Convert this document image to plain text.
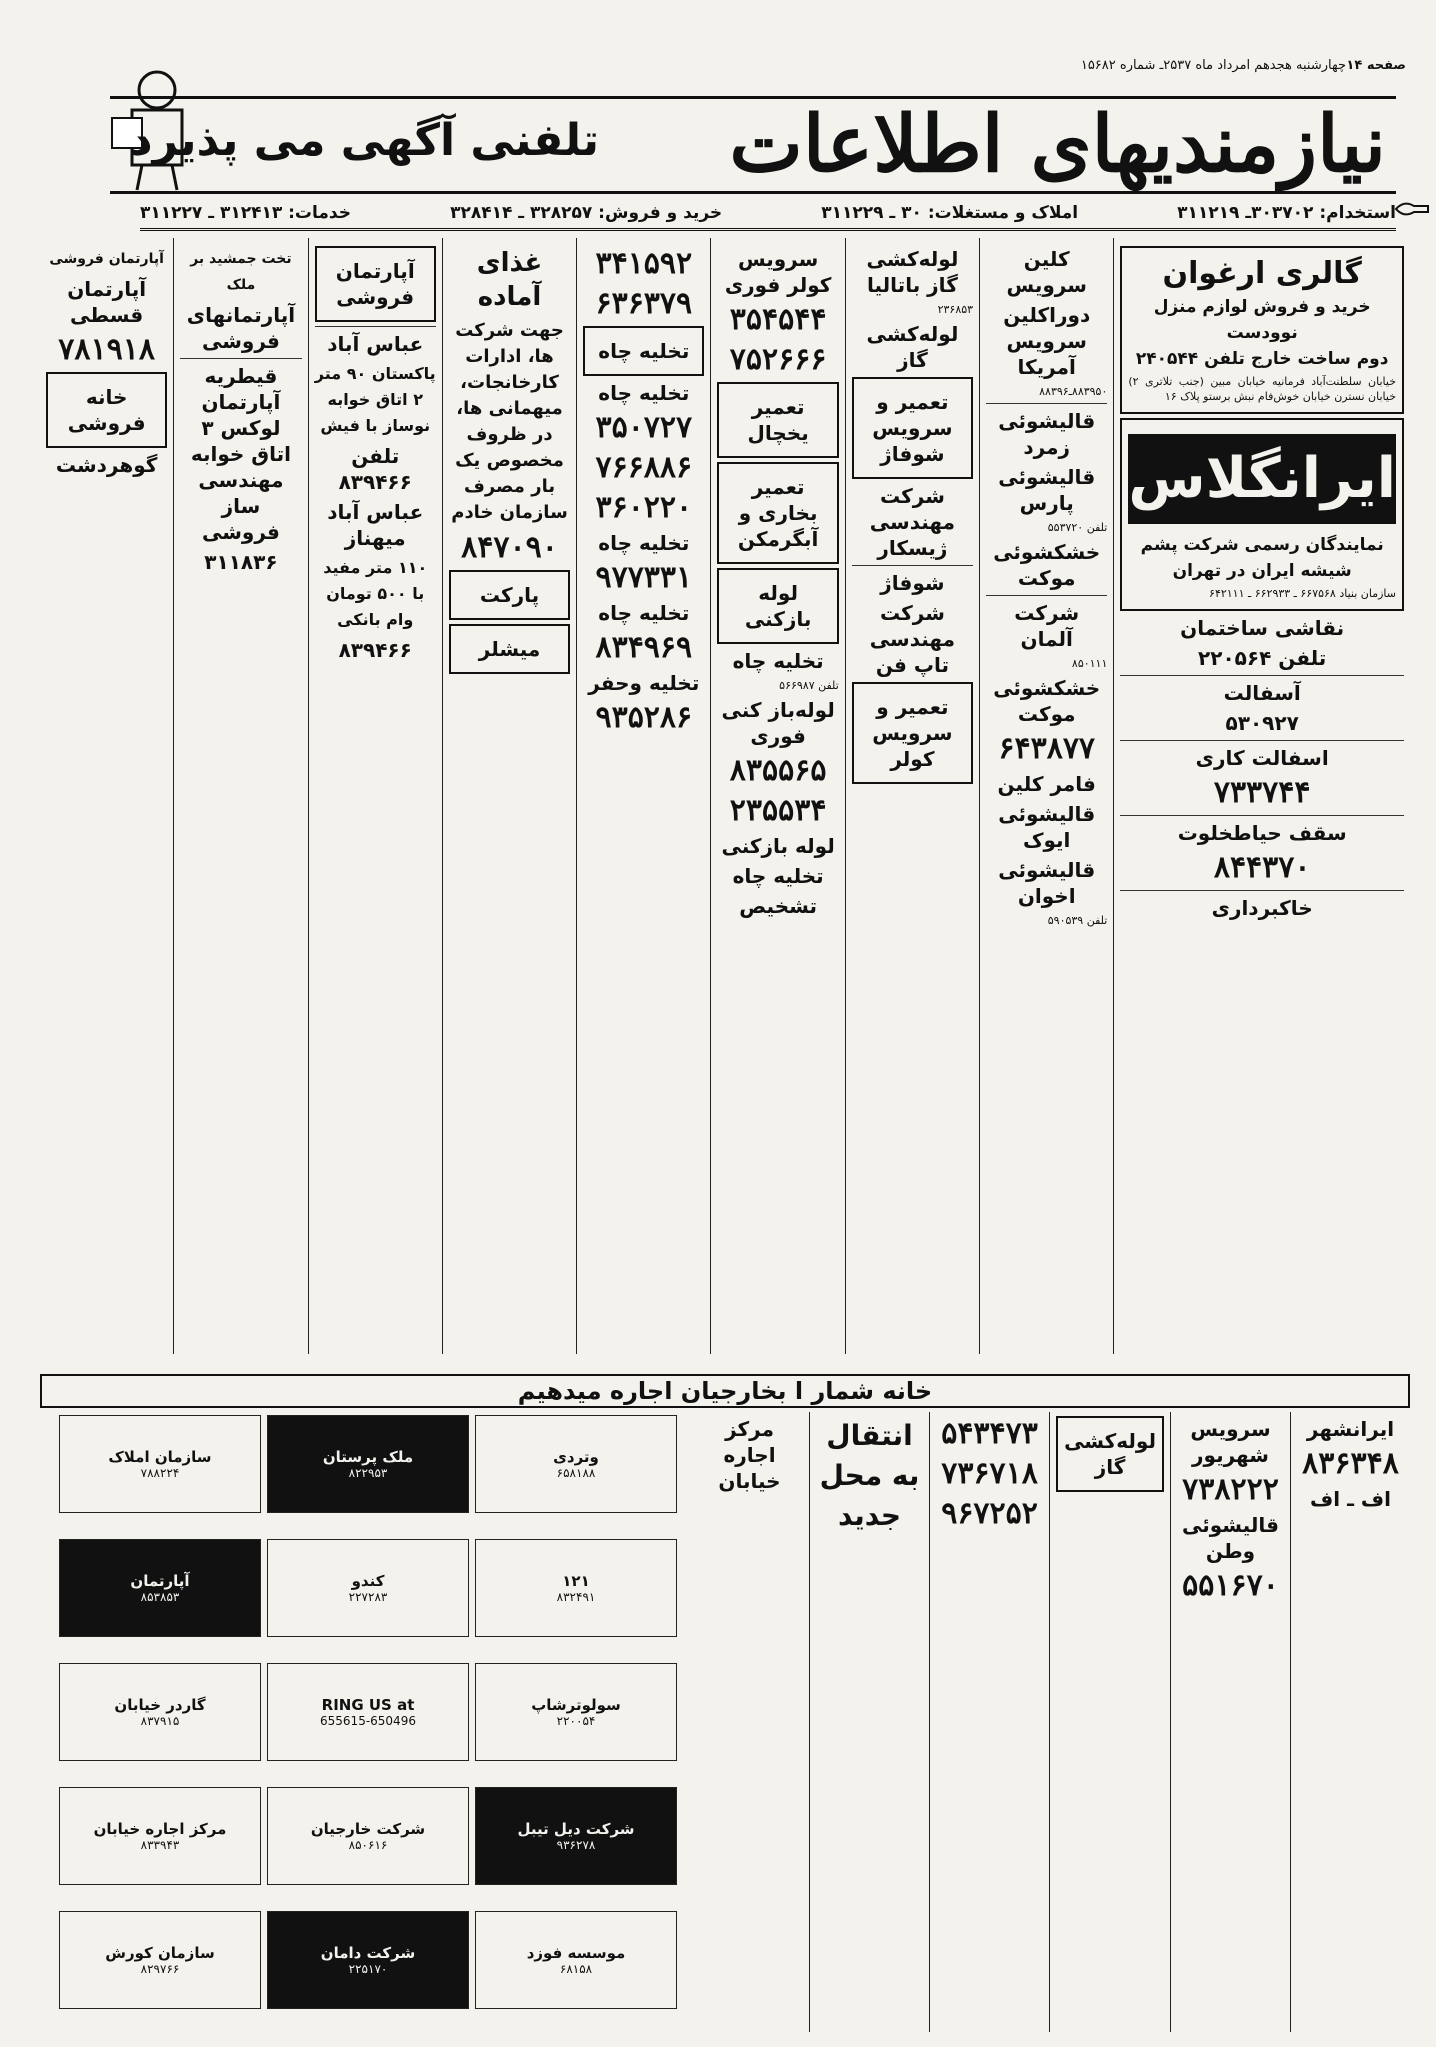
صفحه ۱۴
چهارشنبه هجدهم امرداد ماه ۲۵۳۷ـ شماره ۱۵۶۸۲
نیازمندیهای اطلاعات
تلفنی آگهی می پذیرد
استخدام: ۳۰۳۷۰۲ـ ۳۱۱۲۱۹
املاک و مستغلات: ۳۰ ـ ۳۱۱۲۲۹
خرید و فروش: ۳۲۸۲۵۷ ـ ۳۲۸۴۱۴
خدمات: ۳۱۲۴۱۳ ـ ۳۱۱۲۲۷
گالری ارغوان
خرید و فروش لوازم منزل نوودست
دوم ساخت خارج تلفن ۲۴۰۵۴۴
خیابان سلطنت‌آباد فرمانیه خیابان مبین (جنب تلاتری ۲) خیابان نسترن خیابان خوش‌فام نبش برستو پلاک ۱۶
ایرانگلاس
نمایندگان رسمی شرکت پشم شیشه ایران در تهران
سازمان بنیاد ۶۶۷۵۶۸ ـ ۶۶۲۹۳۳ ـ ۶۴۲۱۱۱
نقاشی ساختمان
تلفن ۲۲۰۵۶۴
آسفالت
۵۳۰۹۲۷
اسفالت کاری
۷۳۳۷۴۴
سقف حیاطخلوت
۸۴۴۳۷۰
خاکبرداری
کلین سرویس
دوراکلین سرویس آمریکا
۸۸۳۹۵۰ـ۸۸۳۹۶
قالیشوئی زمرد
قالیشوئی پارس
تلفن ۵۵۳۷۲۰
خشکشوئی موکت
شرکت آلمان
۸۵۰۱۱۱
خشکشوئی موکت
۶۴۳۸۷۷
فامر کلین
قالیشوئی ایوک
قالیشوئی اخوان
تلفن ۵۹۰۵۳۹
لوله‌کشی گاز باتالیا
۲۳۶۸۵۳
لوله‌کشی گاز
تعمیر و سرویس شوفاژ
شرکت مهندسی ژیسکار
شوفاژ
شرکت مهندسی تاپ فن
تعمیر و سرویس کولر
سرویس کولر فوری
۳۵۴۵۴۴
۷۵۲۶۶۶
تعمیر یخچال
تعمیر بخاری و آبگرمکن
لوله بازکنی
تخلیه چاه
تلفن ۵۶۶۹۸۷
لوله‌باز کنی فوری
۸۳۵۵۶۵
۲۳۵۵۳۴
لوله بازکنی
تخلیه چاه
تشخیص
۳۴۱۵۹۲
۶۳۶۳۷۹
تخلیه چاه
تخلیه چاه
۳۵۰۷۲۷
۷۶۶۸۸۶
۳۶۰۲۲۰
تخلیه چاه
۹۷۷۳۳۱
تخلیه چاه
۸۳۴۹۶۹
تخلیه وحفر
۹۳۵۲۸۶
غذای آماده
جهت شرکت ها، ادارات کارخانجات، میهمانی ها، در ظروف مخصوص یک بار مصرف سازمان خادم
۸۴۷۰۹۰
پارکت
میشلر
آپارتمان فروشی
عباس آباد
پاکستان ۹۰ متر ۲ اتاق خوابه نوساز با فیش
تلفن ۸۳۹۴۶۶
عباس آباد میهناز
۱۱۰ متر مفید با ۵۰۰ تومان وام بانکی
۸۳۹۴۶۶
تخت جمشید بر ملک
آپارتمانهای فروشی
قیطریه آپارتمان لوکس ۳ اتاق خوابه مهندسی ساز فروشی
۳۱۱۸۳۶
آپارتمان فروشی
آپارتمان قسطی
۷۸۱۹۱۸
خانه فروشی
گوهردشت
خانه شمار ا بخارجیان اجاره میدهیم
ایرانشهر
۸۳۶۳۴۸
اف ـ اف
سرویس شهریور
۷۳۸۲۲۲
قالیشوئی وطن
۵۵۱۶۷۰
لوله‌کشی گاز
۵۴۳۴۷۳
۷۳۶۷۱۸
۹۶۷۲۵۲
انتقال به محل جدید
مرکز اجاره خیابان
وتردی
۶۵۸۱۸۸
ملک پرستان
۸۲۲۹۵۳
سازمان املاک
۷۸۸۲۲۴
۱۲۱
۸۳۲۴۹۱
کندو
۲۲۷۲۸۳
آپارتمان
۸۵۳۸۵۳
سولوترشاپ
۲۲۰۰۵۴
RING US at
655615-650496
گاردر خیابان
۸۳۷۹۱۵
شرکت دیل تیبل
۹۳۶۲۷۸
شرکت خارجیان
۸۵۰۶۱۶
مرکز اجاره خیابان
۸۳۳۹۴۳
موسسه فوزد
۶۸۱۵۸
شرکت دامان
۲۲۵۱۷۰
سازمان کورش
۸۲۹۷۶۶
